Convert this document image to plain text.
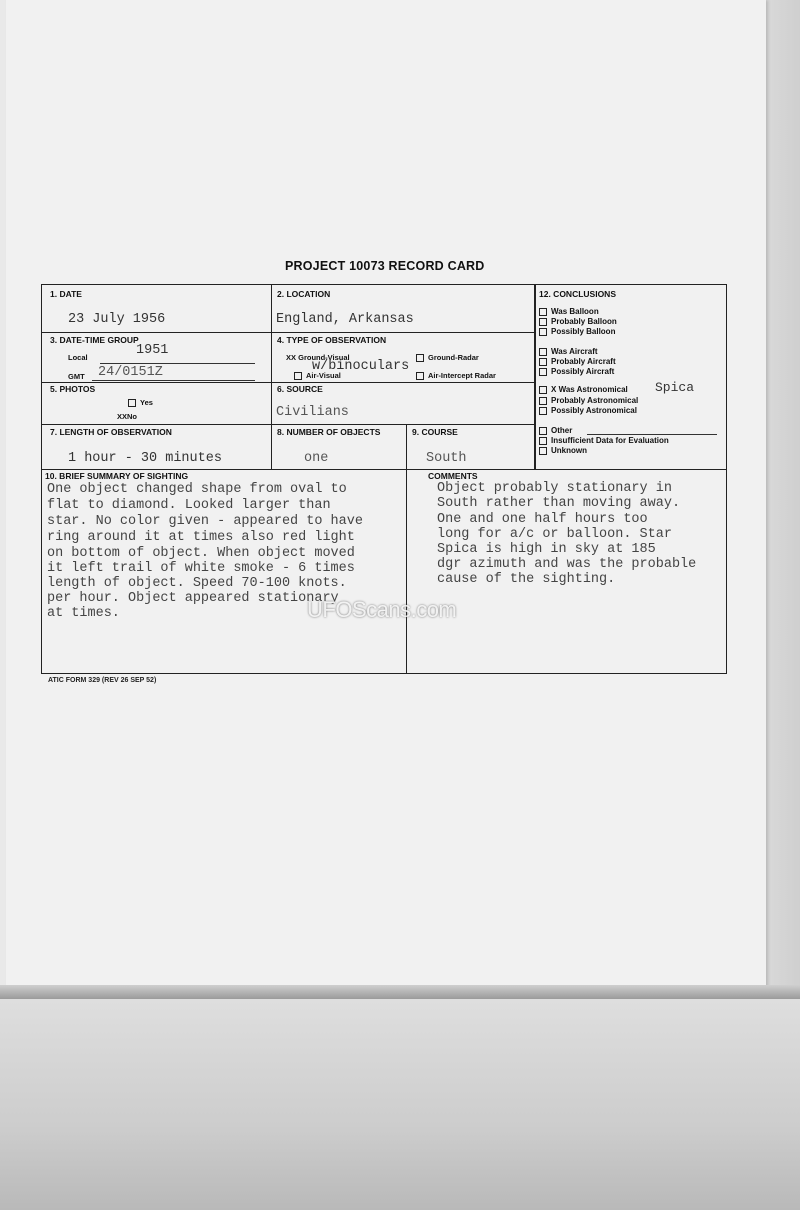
PROJECT 10073 RECORD CARD
1. DATE
23 July 1956
2. LOCATION
England, Arkansas
3. DATE-TIME GROUP
Local	1951
GMT 24/0151Z
4. TYPE OF OBSERVATION
XX Ground-Visual	Ground-Radar
Air-Visual
w/binoculars
Air-Intercept Radar
5. PHOTOS
Yes
XXNo
6. SOURCE
Civilians
7. LENGTH OF OBSERVATION
1 hour - 30 minutes
8. NUMBER OF OBJECTS
one
9. COURSE
South
12. CONCLUSIONS
Was Balloon
Probably Balloon
Possibly Balloon
Was Aircraft
Probably Aircraft
Possibly Aircraft
X Was Astronomical Spica
Probably Astronomical
Possibly Astronomical
Other
Insufficient Data for Evaluation
Unknown
10. BRIEF SUMMARY OF SIGHTING
One object changed shape from oval to
flat to diamond. Looked larger than
star. No color given - appeared to have
ring around it at times also red light
on bottom of object. When object moved
it left trail of white smoke - 6 times
length of object. Speed 70-100 knots.
per hour. Object appeared stationary
at times.
COMMENTS
Object probably stationary in
South rather than moving away.
One and one half hours too
long for a/c or balloon. Star
Spica is high in sky at 185
dgr azimuth and was the probable
cause of the sighting.
ATIC FORM 329 (REV 26 SEP 52)
UFOScans.com
